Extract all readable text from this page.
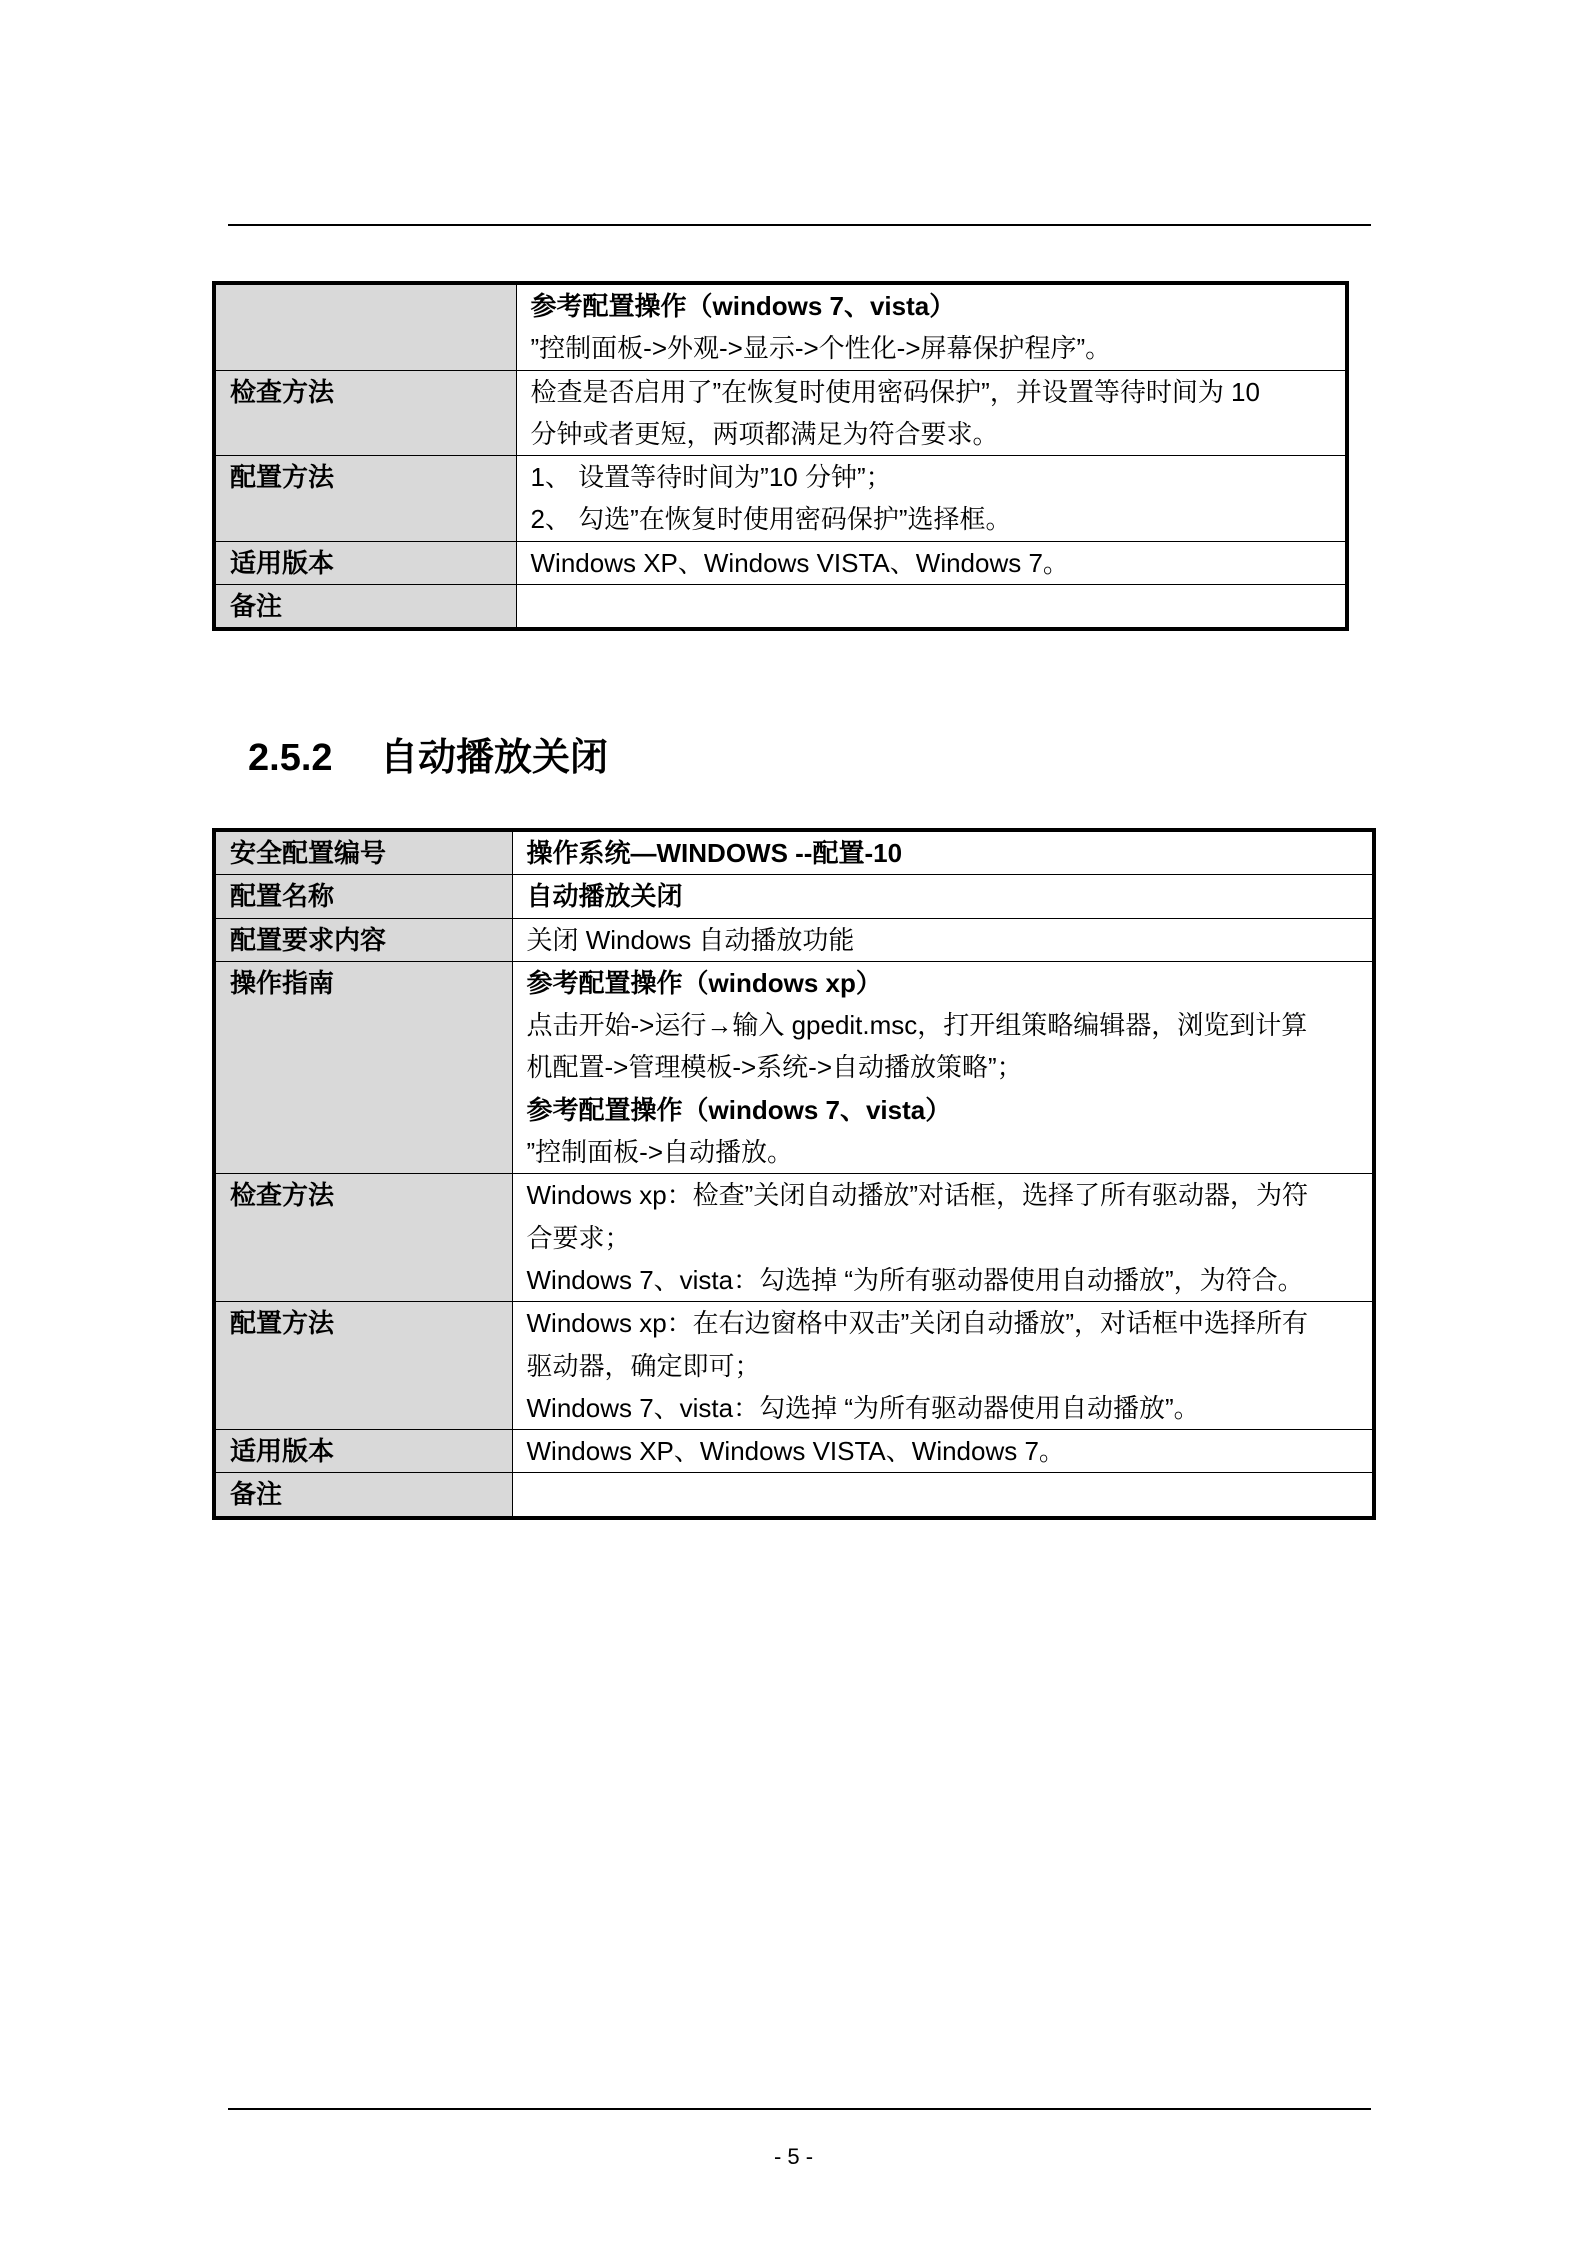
	参考配置操作（windows 7、vista）
”控制面板->外观->显示->个性化->屏幕保护程序”。

检查方法	检查是否启用了”在恢复时使用密码保护”，并设置等待时间为 10
分钟或者更短，两项都满足为符合要求。

配置方法	1、 设置等待时间为”10 分钟”；
2、 勾选”在恢复时使用密码保护”选择框。

适用版本	Windows XP、Windows VISTA、Windows 7。

备注	
2.5.2 自动播放关闭
安全配置编号	操作系统—WINDOWS --配置-10

配置名称	自动播放关闭

配置要求内容	关闭 Windows 自动播放功能

操作指南	参考配置操作（windows xp）
点击开始->运行→输入 gpedit.msc，打开组策略编辑器，浏览到计算
机配置->管理模板->系统->自动播放策略”；
参考配置操作（windows 7、vista）
”控制面板->自动播放。

检查方法	Windows xp：检查”关闭自动播放”对话框，选择了所有驱动器，为符
合要求；
Windows 7、vista：勾选掉 “为所有驱动器使用自动播放”，为符合。

配置方法	Windows xp：在右边窗格中双击”关闭自动播放”，对话框中选择所有
驱动器，确定即可；
Windows 7、vista：勾选掉 “为所有驱动器使用自动播放”。

适用版本	Windows XP、Windows VISTA、Windows 7。

备注	
- 5 -
